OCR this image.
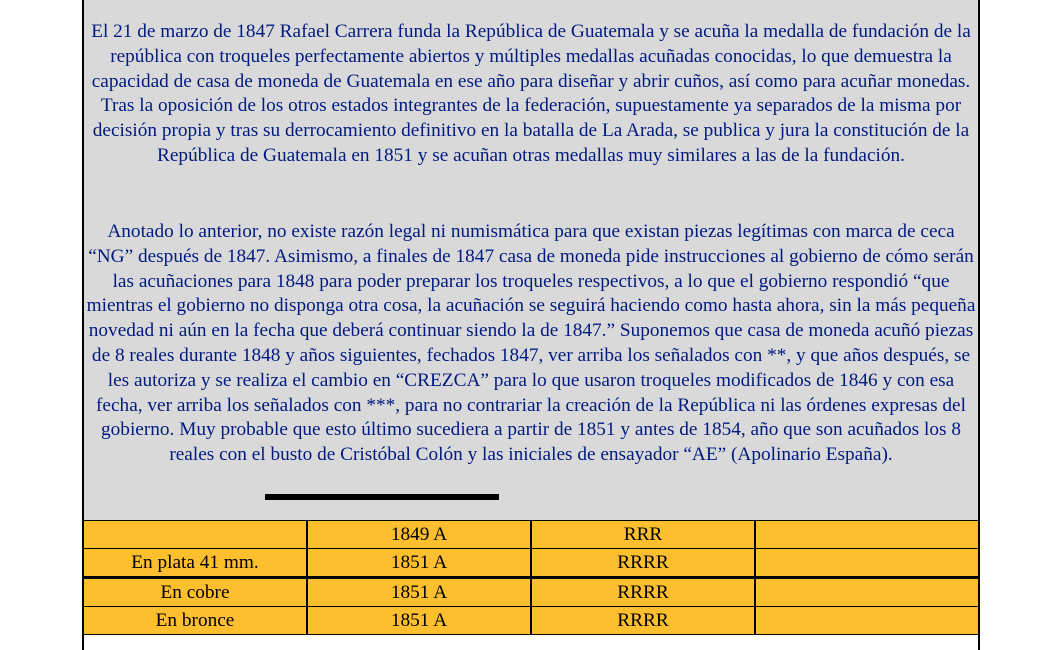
El 21 de marzo de 1847 Rafael Carrera funda la República de Guatemala y se acuña la medalla de fundación de la república con troqueles perfectamente abiertos y múltiples medallas acuñadas conocidas, lo que demuestra la capacidad de casa de moneda de Guatemala en ese año para diseñar y abrir cuños, así como para acuñar monedas. Tras la oposición de los otros estados integrantes de la federación, supuestamente ya separados de la misma por decisión propia y tras su derrocamiento definitivo en la batalla de La Arada, se publica y jura la constitución de la República de Guatemala en 1851 y se acuñan otras medallas muy similares a las de la fundación.

Anotado lo anterior, no existe razón legal ni numismática para que existan piezas legítimas con marca de ceca “NG” después de 1847. Asimismo, a finales de 1847 casa de moneda pide instrucciones al gobierno de cómo serán las acuñaciones para 1848 para poder preparar los troqueles respectivos, a lo que el gobierno respondió “que mientras el gobierno no disponga otra cosa, la acuñación se seguirá haciendo como hasta ahora, sin la más pequeña novedad ni aún en la fecha que deberá continuar siendo la de 1847.” Suponemos que casa de moneda acuñó piezas de 8 reales durante 1848 y años siguientes, fechados 1847, ver arriba los señalados con **, y que años después, se les autoriza y se realiza el cambio en “CREZCA” para lo que usaron troqueles modificados de 1846 y con esa fecha, ver arriba los señalados con ***, para no contrariar la creación de la República ni las órdenes expresas del gobierno. Muy probable que esto último sucediera a partir de 1851 y antes de 1854, año que son acuñados los 8 reales con el busto de Cristóbal Colón y las iniciales de ensayador “AE” (Apolinario España).

	1849 A	RRR	
En plata 41 mm.	1851 A	RRRR	
En cobre	1851 A	RRRR	
En bronce	1851 A	RRRR	
